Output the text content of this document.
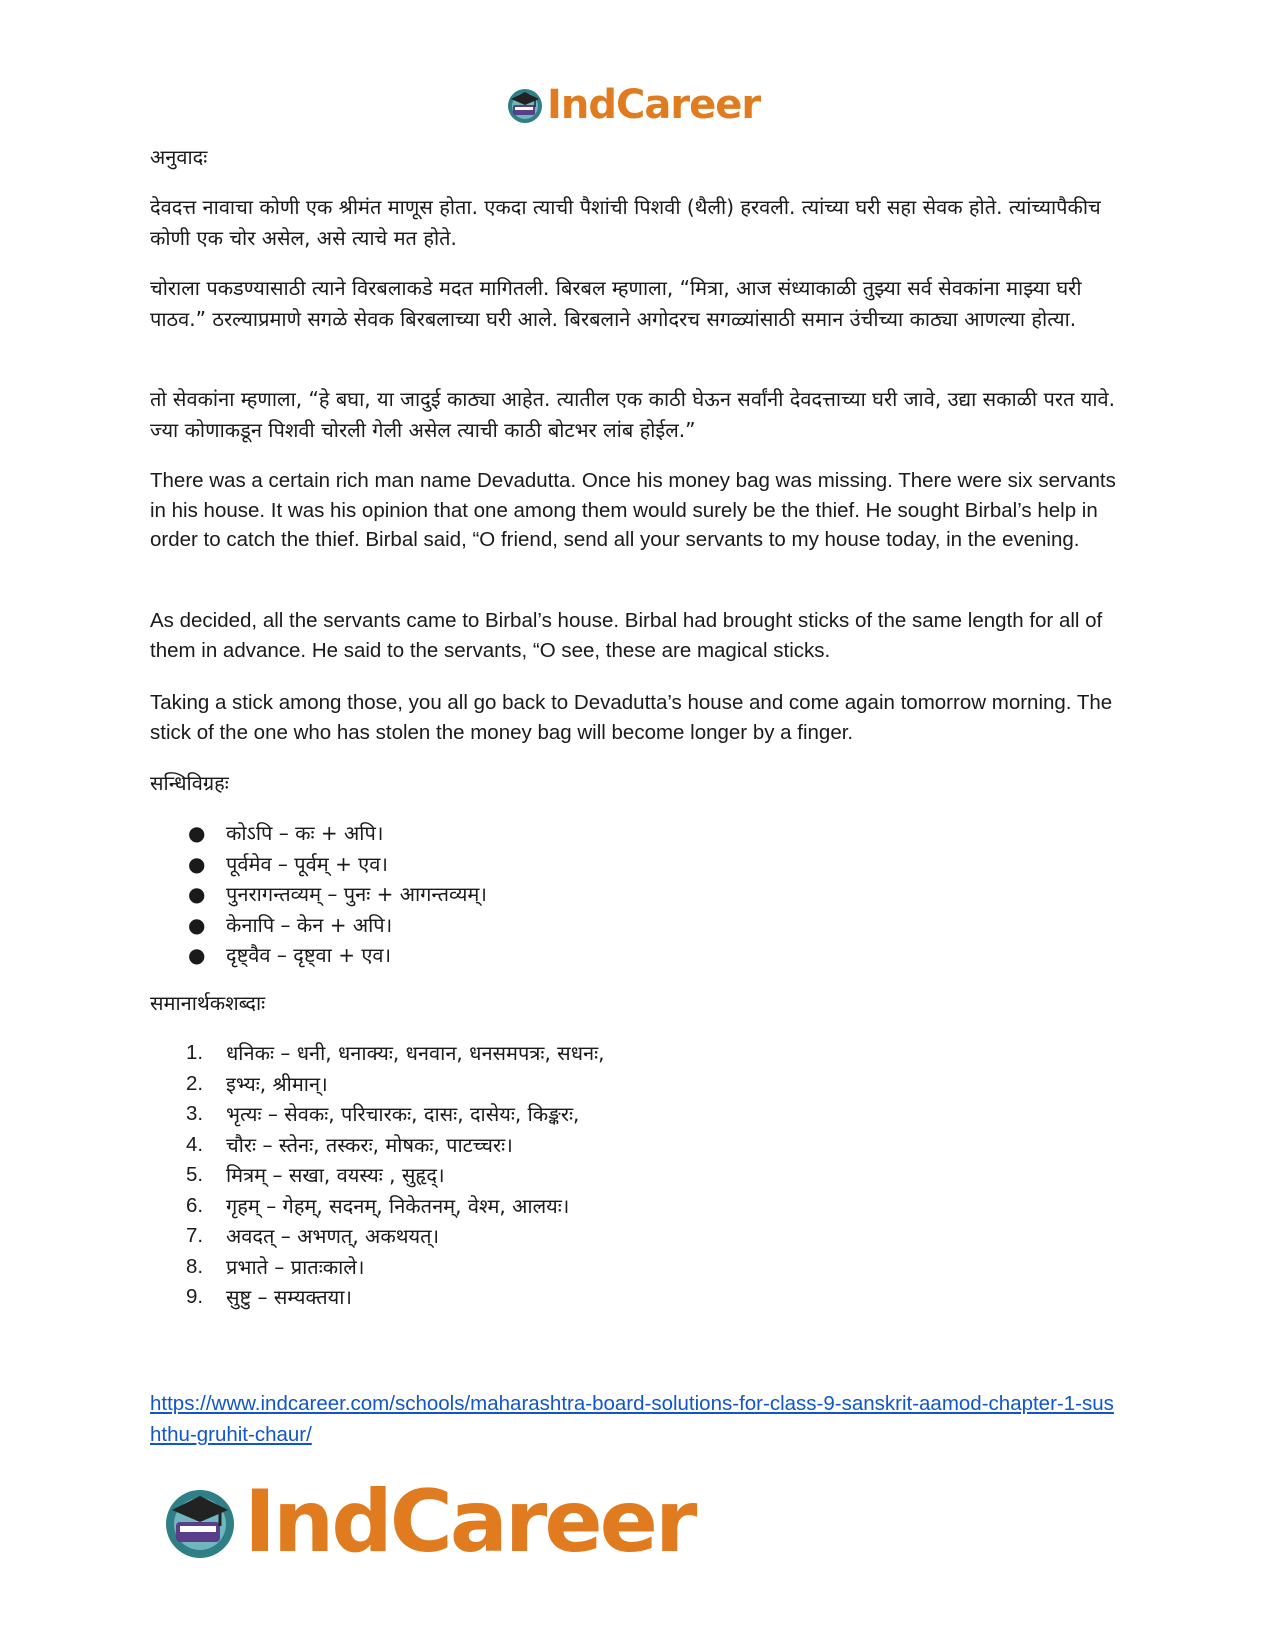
IndCareer

अनुवादः

देवदत्त नावाचा कोणी एक श्रीमंत माणूस होता. एकदा त्याची पैशांची पिशवी (थैली) हरवली. त्यांच्या घरी सहा सेवक होते. त्यांच्यापैकीच कोणी एक चोर असेल, असे त्याचे मत होते.

चोराला पकडण्यासाठी त्याने विरबलाकडे मदत मागितली. बिरबल म्हणाला, “मित्रा, आज संध्याकाळी तुझ्या सर्व सेवकांना माझ्या घरी पाठव.” ठरल्याप्रमाणे सगळे सेवक बिरबलाच्या घरी आले. बिरबलाने अगोदरच सगळ्यांसाठी समान उंचीच्या काठ्या आणल्या होत्या.

तो सेवकांना म्हणाला, “हे बघा, या जादुई काठ्या आहेत. त्यातील एक काठी घेऊन सर्वांनी देवदत्ताच्या घरी जावे, उद्या सकाळी परत यावे. ज्या कोणाकडून पिशवी चोरली गेली असेल त्याची काठी बोटभर लांब होईल.”

There was a certain rich man name Devadutta. Once his money bag was missing. There were six servants in his house. It was his opinion that one among them would surely be the thief. He sought Birbal’s help in order to catch the thief. Birbal said, “O friend, send all your servants to my house today, in the evening.

As decided, all the servants came to Birbal’s house. Birbal had brought sticks of the same length for all of them in advance. He said to the servants, “O see, these are magical sticks.

Taking a stick among those, you all go back to Devadutta’s house and come again tomorrow morning. The stick of the one who has stolen the money bag will become longer by a finger.

सन्धिविग्रहः

● कोऽपि – कः + अपि।
● पूर्वमेव – पूर्वम् + एव।
● पुनरागन्तव्यम् – पुनः + आगन्तव्यम्।
● केनापि – केन + अपि।
● दृष्ट्वैव – दृष्ट्वा + एव।

समानार्थकशब्दाः

1. धनिकः – धनी, धनाक्यः, धनवान, धनसमपत्रः, सधनः,
2. इभ्यः, श्रीमान्।
3. भृत्यः – सेवकः, परिचारकः, दासः, दासेयः, किङ्करः,
4. चौरः – स्तेनः, तस्करः, मोषकः, पाटच्चरः।
5. मित्रम् – सखा, वयस्यः , सुहृद्।
6. गृहम् – गेहम्, सदनम्, निकेतनम्, वेश्म, आलयः।
7. अवदत् – अभणत्, अकथयत्।
8. प्रभाते – प्रातःकाले।
9. सुष्टु – सम्यक्तया।
https://www.indcareer.com/schools/maharashtra-board-solutions-for-class-9-sanskrit-aamod-chapter-1-sushthu-gruhit-chaur/
IndCareer
